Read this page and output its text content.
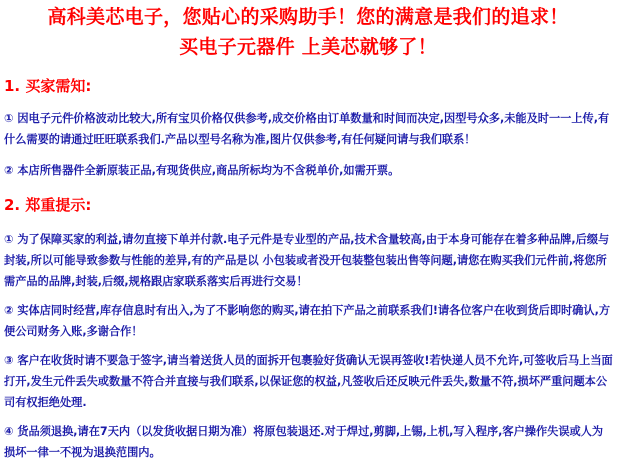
高科美芯电子，您贴心的采购助手！您的满意是我们的追求！
买电子元器件 上美芯就够了！
1. 买家需知:

① 因电子元件价格波动比较大,所有宝贝价格仅供参考,成交价格由订单数量和时间而决定,因型号众多,未能及时一一上传,有什么需要的请通过旺旺联系我们.产品以型号名称为准,图片仅供参考,有任何疑问请与我们联系！

② 本店所售器件全新原装正品,有现货供应,商品所标均为不含税单价,如需开票。

2. 郑重提示:

① 为了保障买家的利益,请勿直接下单并付款.电子元件是专业型的产品,技术含量较高,由于本身可能存在着多种品牌,后缀与封装,所以可能导致参数与性能的差异,有的产品是以 小包装或者没开包装整包装出售等问题,请您在购买我们元件前,将您所需产品的品牌,封装,后缀,规格跟店家联系落实后再进行交易！

② 实体店同时经营,库存信息时有出入,为了不影响您的购买,请在拍下产品之前联系我们!请各位客户在收到货后即时确认,方便公司财务入账,多谢合作！

③ 客户在收货时请不要急于签字,请当着送货人员的面拆开包裹验好货确认无误再签收!若快递人员不允许,可签收后马上当面打开,发生元件丢失或数量不符合并直接与我们联系,以保证您的权益,凡签收后还反映元件丢失,数量不符,损坏严重问题本公司有权拒绝处理.

④ 货品须退换,请在7天内（以发货收据日期为准）将原包装退还.对于焊过,剪脚,上锡,上机,写入程序,客户操作失误或人为损坏一律一不视为退换范围内。
